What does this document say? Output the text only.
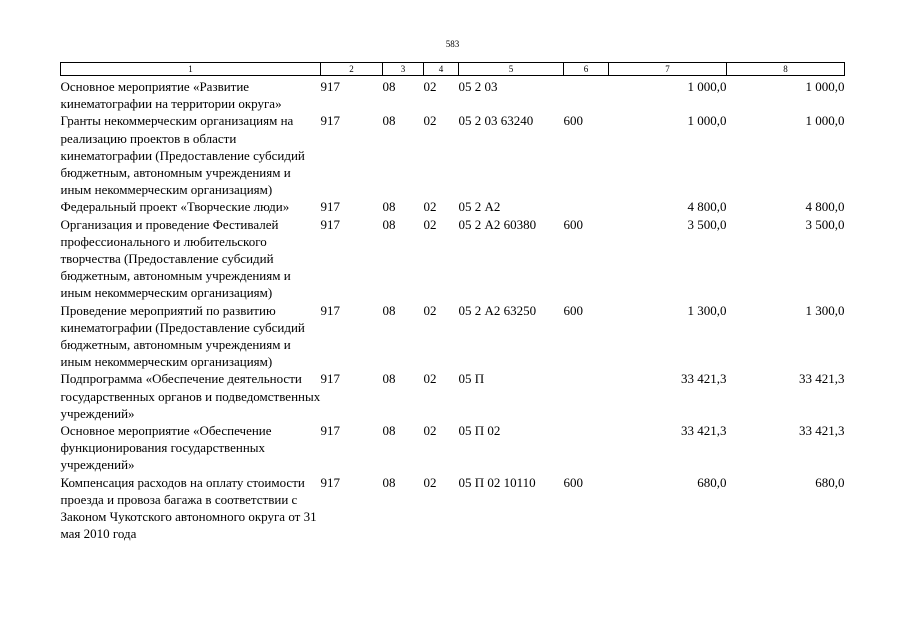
583
1	2	3	4	5	6	7	8
Основное мероприятие «Развитие кинематографии на территории округа»	917	08	02	05 2 03		1 000,0	1 000,0
Гранты некоммерческим организациям на реализацию проектов в области кинематографии (Предоставление субсидий бюджетным, автономным учреждениям и иным некоммерческим организациям)	917	08	02	05 2 03 63240	600	1 000,0	1 000,0
Федеральный проект «Творческие люди»	917	08	02	05 2 А2		4 800,0	4 800,0
Организация и проведение Фестивалей профессионального и любительского творчества (Предоставление субсидий бюджетным, автономным учреждениям и иным некоммерческим организациям)	917	08	02	05 2 А2 60380	600	3 500,0	3 500,0
Проведение мероприятий по развитию кинематографии (Предоставление субсидий бюджетным, автономным учреждениям и иным некоммерческим организациям)	917	08	02	05 2 А2 63250	600	1 300,0	1 300,0
Подпрограмма «Обеспечение деятельности государственных органов и подведомственных учреждений»	917	08	02	05 П		33 421,3	33 421,3
Основное мероприятие «Обеспечение функционирования государственных учреждений»	917	08	02	05 П 02		33 421,3	33 421,3
Компенсация расходов на оплату стоимости проезда и провоза багажа в соответствии с Законом Чукотского автономного округа от 31 мая 2010 года	917	08	02	05 П 02 10110	600	680,0	680,0
